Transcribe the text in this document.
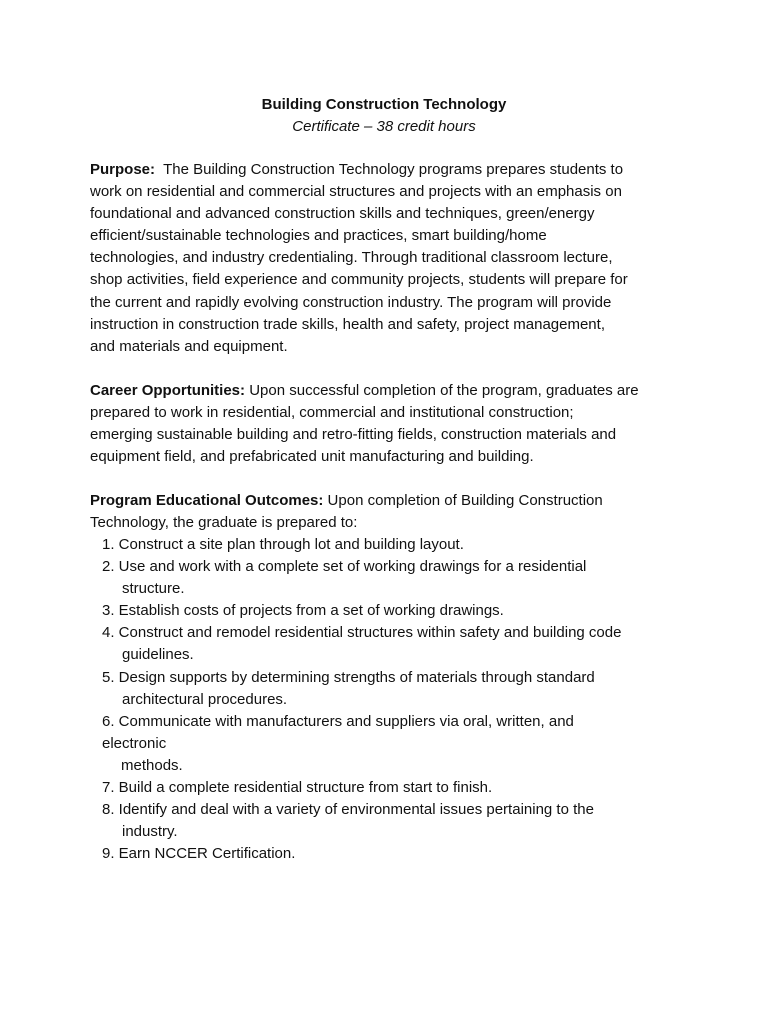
Building Construction Technology
Certificate – 38 credit hours
Purpose:  The Building Construction Technology programs prepares students to
work on residential and commercial structures and projects with an emphasis on
foundational and advanced construction skills and techniques, green/energy
efficient/sustainable technologies and practices, smart building/home
technologies, and industry credentialing. Through traditional classroom lecture,
shop activities, field experience and community projects, students will prepare for
the current and rapidly evolving construction industry. The program will provide
instruction in construction trade skills, health and safety, project management,
and materials and equipment.
Career Opportunities: Upon successful completion of the program, graduates are
prepared to work in residential, commercial and institutional construction;
emerging sustainable building and retro-fitting fields, construction materials and
equipment field, and prefabricated unit manufacturing and building.
Program Educational Outcomes: Upon completion of Building Construction
Technology, the graduate is prepared to:
1. Construct a site plan through lot and building layout.
2. Use and work with a complete set of working drawings for a residential
structure.
3. Establish costs of projects from a set of working drawings.
4. Construct and remodel residential structures within safety and building code
guidelines.
5. Design supports by determining strengths of materials through standard
architectural procedures.
6. Communicate with manufacturers and suppliers via oral, written, and
electronic
methods.
7. Build a complete residential structure from start to finish.
8. Identify and deal with a variety of environmental issues pertaining to the
industry.
9. Earn NCCER Certification.
